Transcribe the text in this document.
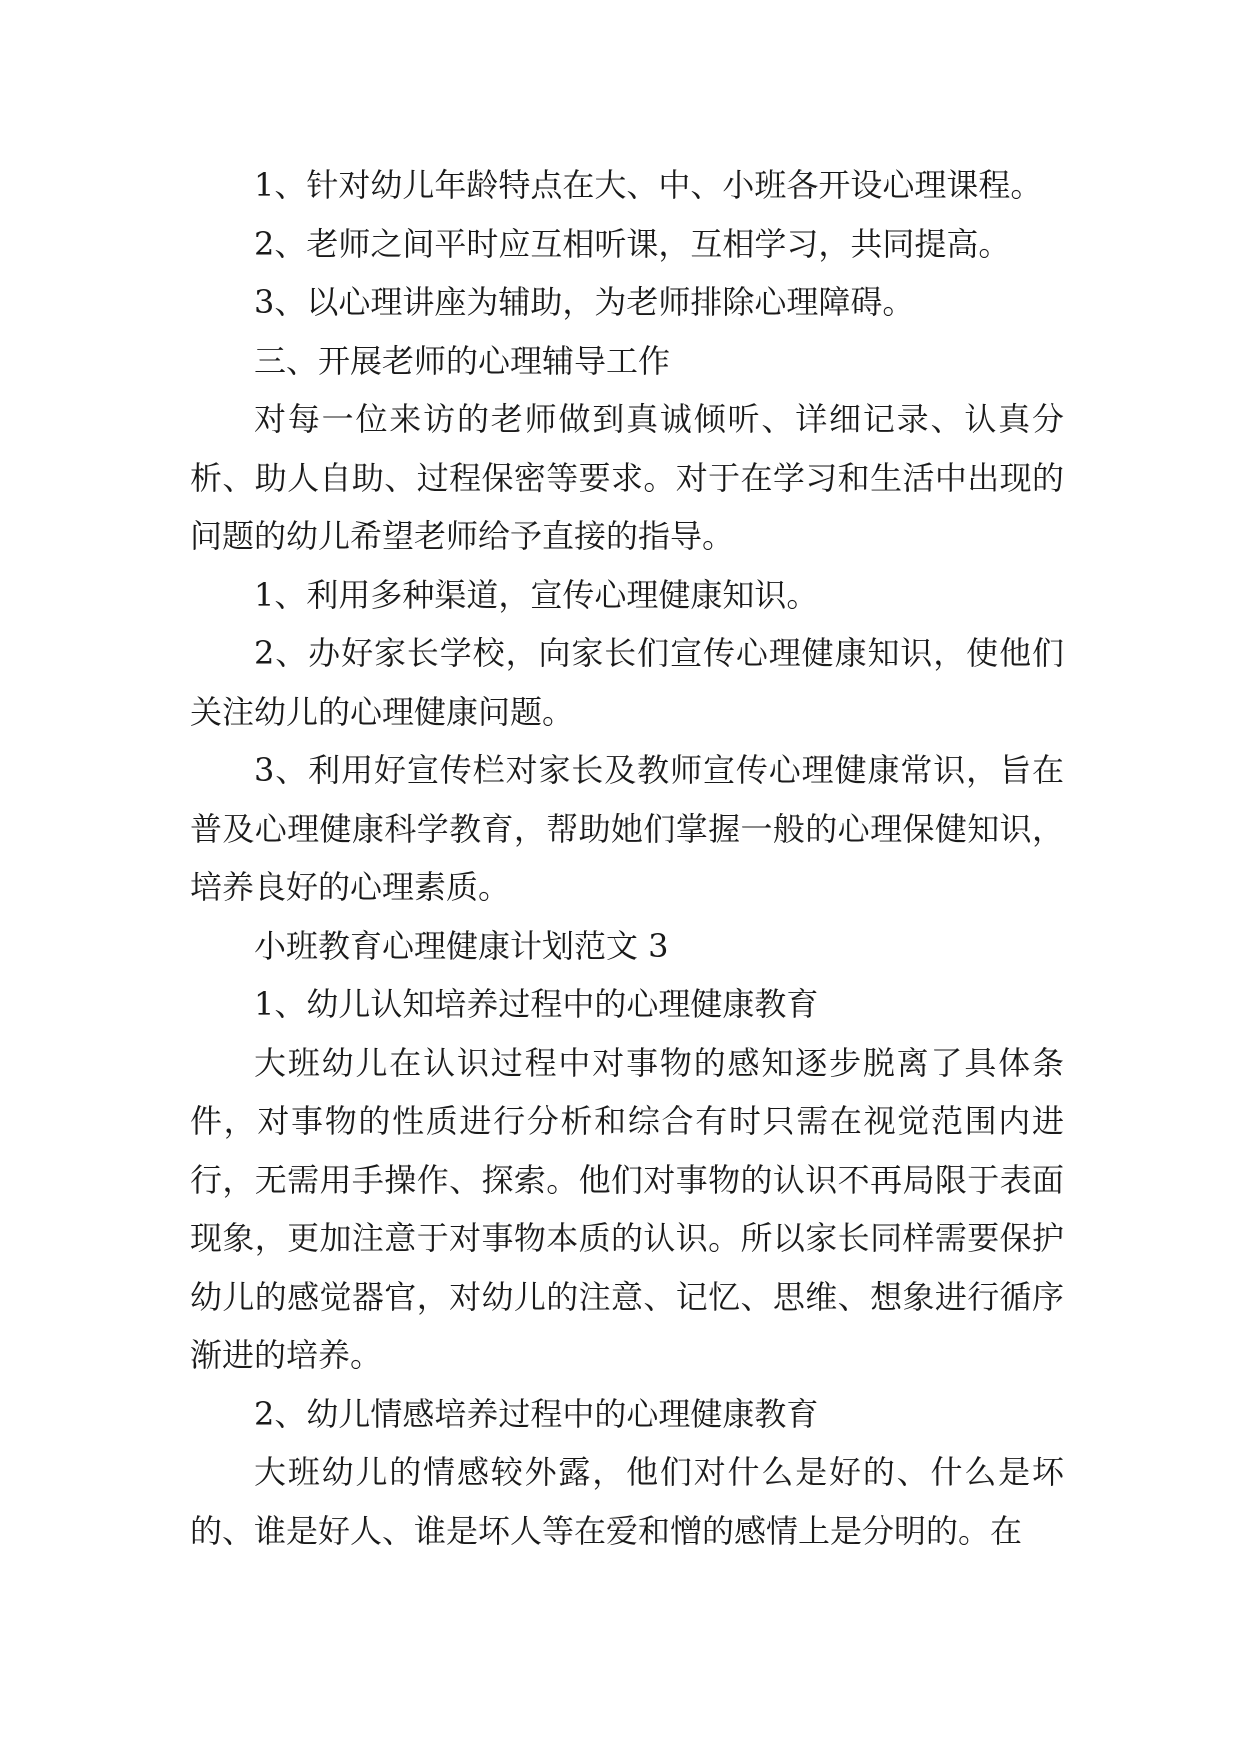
1、针对幼儿年龄特点在大、中、小班各开设心理课程。

2、老师之间平时应互相听课，互相学习，共同提高。

3、以心理讲座为辅助，为老师排除心理障碍。

三、开展老师的心理辅导工作

对每一位来访的老师做到真诚倾听、详细记录、认真分析、助人自助、过程保密等要求。对于在学习和生活中出现的问题的幼儿希望老师给予直接的指导。

1、利用多种渠道，宣传心理健康知识。

2、办好家长学校，向家长们宣传心理健康知识，使他们关注幼儿的心理健康问题。

3、利用好宣传栏对家长及教师宣传心理健康常识，旨在普及心理健康科学教育，帮助她们掌握一般的心理保健知识，培养良好的心理素质。

小班教育心理健康计划范文 3

1、幼儿认知培养过程中的心理健康教育

大班幼儿在认识过程中对事物的感知逐步脱离了具体条件，对事物的性质进行分析和综合有时只需在视觉范围内进行，无需用手操作、探索。他们对事物的认识不再局限于表面现象，更加注意于对事物本质的认识。所以家长同样需要保护幼儿的感觉器官，对幼儿的注意、记忆、思维、想象进行循序渐进的培养。

2、幼儿情感培养过程中的心理健康教育

大班幼儿的情感较外露，他们对什么是好的、什么是坏的、谁是好人、谁是坏人等在爱和憎的感情上是分明的。在
